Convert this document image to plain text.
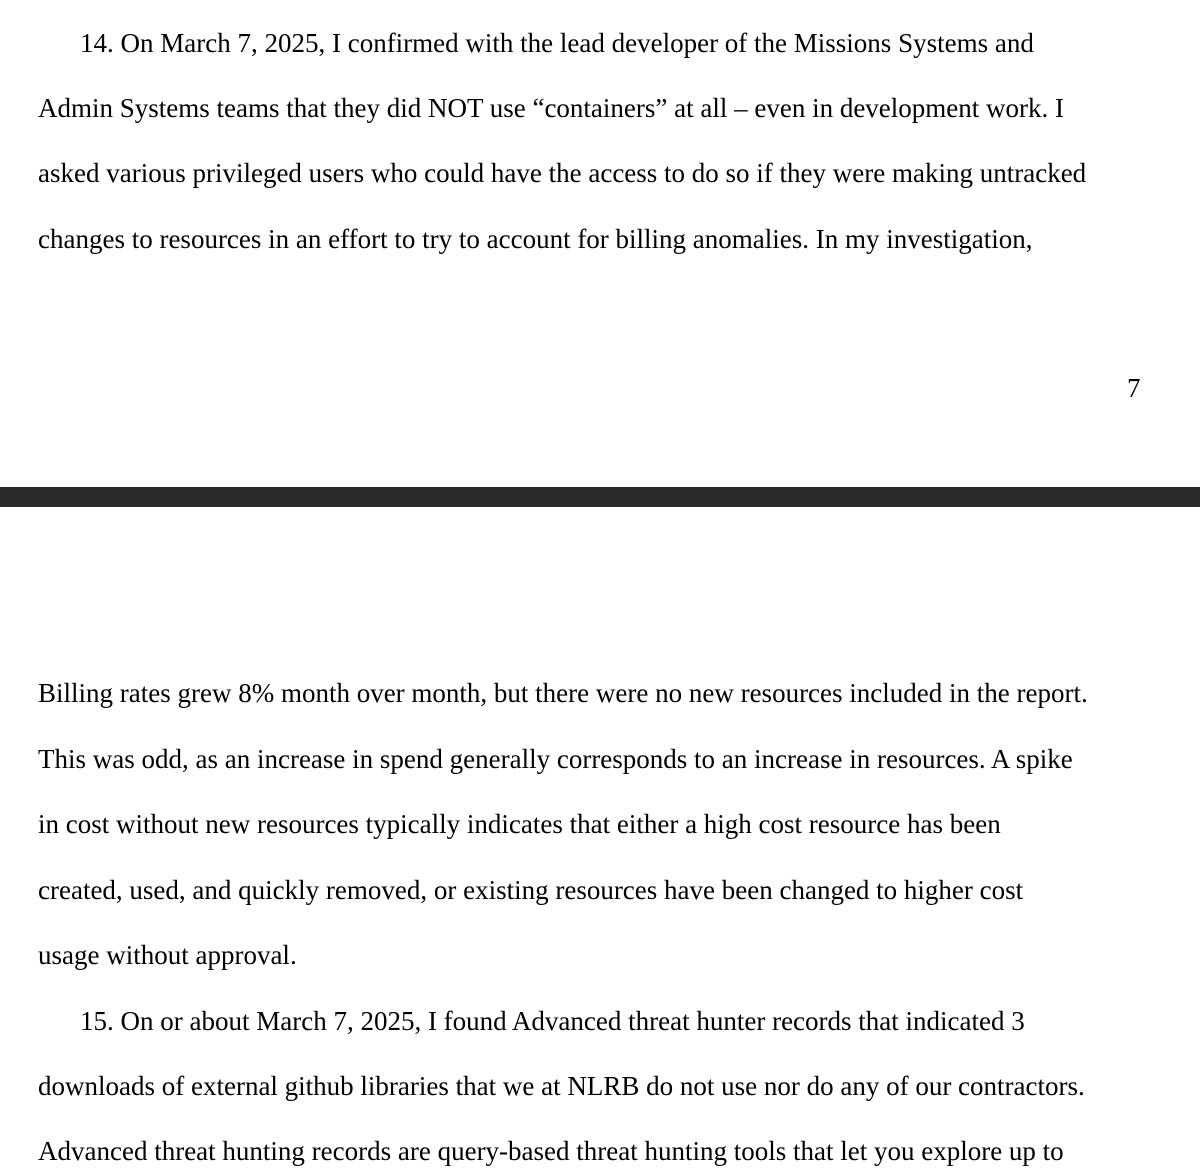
14. On March 7, 2025, I confirmed with the lead developer of the Missions Systems and
Admin Systems teams that they did NOT use “containers” at all – even in development work. I
asked various privileged users who could have the access to do so if they were making untracked
changes to resources in an effort to try to account for billing anomalies. In my investigation,
7
Billing rates grew 8% month over month, but there were no new resources included in the report.
This was odd, as an increase in spend generally corresponds to an increase in resources. A spike
in cost without new resources typically indicates that either a high cost resource has been
created, used, and quickly removed, or existing resources have been changed to higher cost
usage without approval.
15. On or about March 7, 2025, I found Advanced threat hunter records that indicated 3
downloads of external github libraries that we at NLRB do not use nor do any of our contractors.
Advanced threat hunting records are query-based threat hunting tools that let you explore up to
